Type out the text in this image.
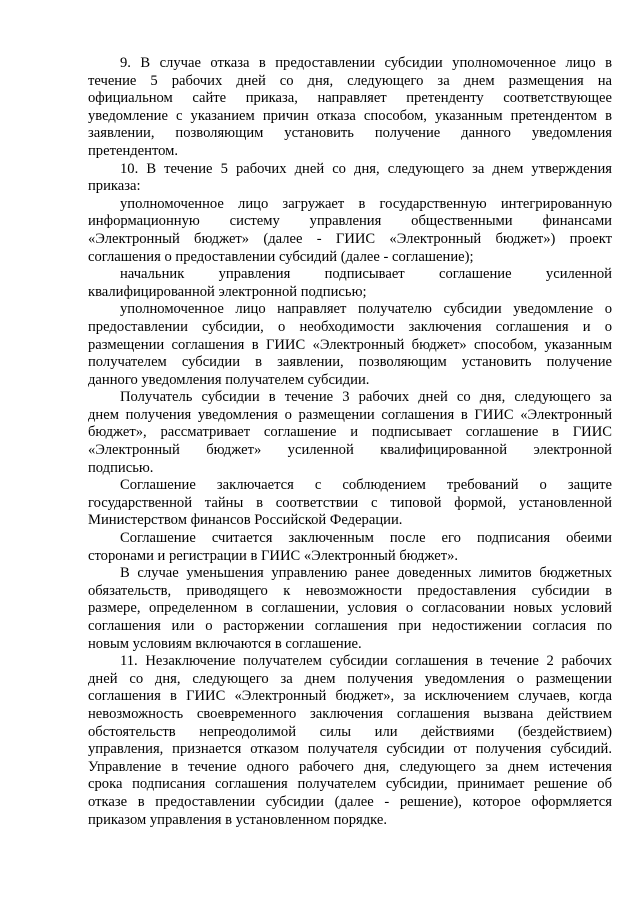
9. В случае отказа в предоставлении субсидии уполномоченное лицо в
течение 5 рабочих дней со дня, следующего за днем размещения на
официальном сайте приказа, направляет претенденту соответствующее
уведомление с указанием причин отказа способом, указанным претендентом в
заявлении, позволяющим установить получение данного уведомления
претендентом.
10. В течение 5 рабочих дней со дня, следующего за днем утверждения
приказа:
уполномоченное лицо загружает в государственную интегрированную
информационную системy управления общественными финансами
«Электронный бюджет» (далее - ГИИС «Электронный бюджет») проект
соглашения о предоставлении субсидий (далее - соглашение);
начальник управления подписывает соглашение усиленной
квалифицированной электронной подписью;
уполномоченное лицо направляет получателю субсидии уведомление о
предоставлении субсидии, о необходимости заключения соглашения и о
размещении соглашения в ГИИС «Электронный бюджет» способом, указанным
получателем субсидии в заявлении, позволяющим установить получение
данного уведомления получателем субсидии.
Получатель субсидии в течение 3 рабочих дней со дня, следующего за
днем получения уведомления о размещении соглашения в ГИИС «Электронный
бюджет», рассматривает соглашение и подписывает соглашение в ГИИС
«Электронный бюджет» усиленной квалифицированной электронной
подписью.
Соглашение заключается с соблюдением требований о защите
государственной тайны в соответствии с типовой формой, установленной
Министерством финансов Российской Федерации.
Соглашение считается заключенным после его подписания обеими
сторонами и регистрации в ГИИС «Электронный бюджет».
В случае уменьшения управлению ранее доведенных лимитов бюджетных
обязательств, приводящего к невозможности предоставления субсидии в
размере, определенном в соглашении, условия о согласовании новых условий
соглашения или о расторжении соглашения при недостижении согласия по
новым условиям включаются в соглашение.
11. Незаключение получателем субсидии соглашения в течение 2 рабочих
дней со дня, следующего за днем получения уведомления о размещении
соглашения в ГИИС «Электронный бюджет», за исключением случаев, когда
невозможность своевременного заключения соглашения вызвана действием
обстоятельств непреодолимой силы или действиями (бездействием)
управления, признается отказом получателя субсидии от получения субсидий.
Управление в течение одного рабочего дня, следующего за днем истечения
срока подписания соглашения получателем субсидии, принимает решение об
отказе в предоставлении субсидии (далее - решение), которое оформляется
приказом управления в установленном порядке.
